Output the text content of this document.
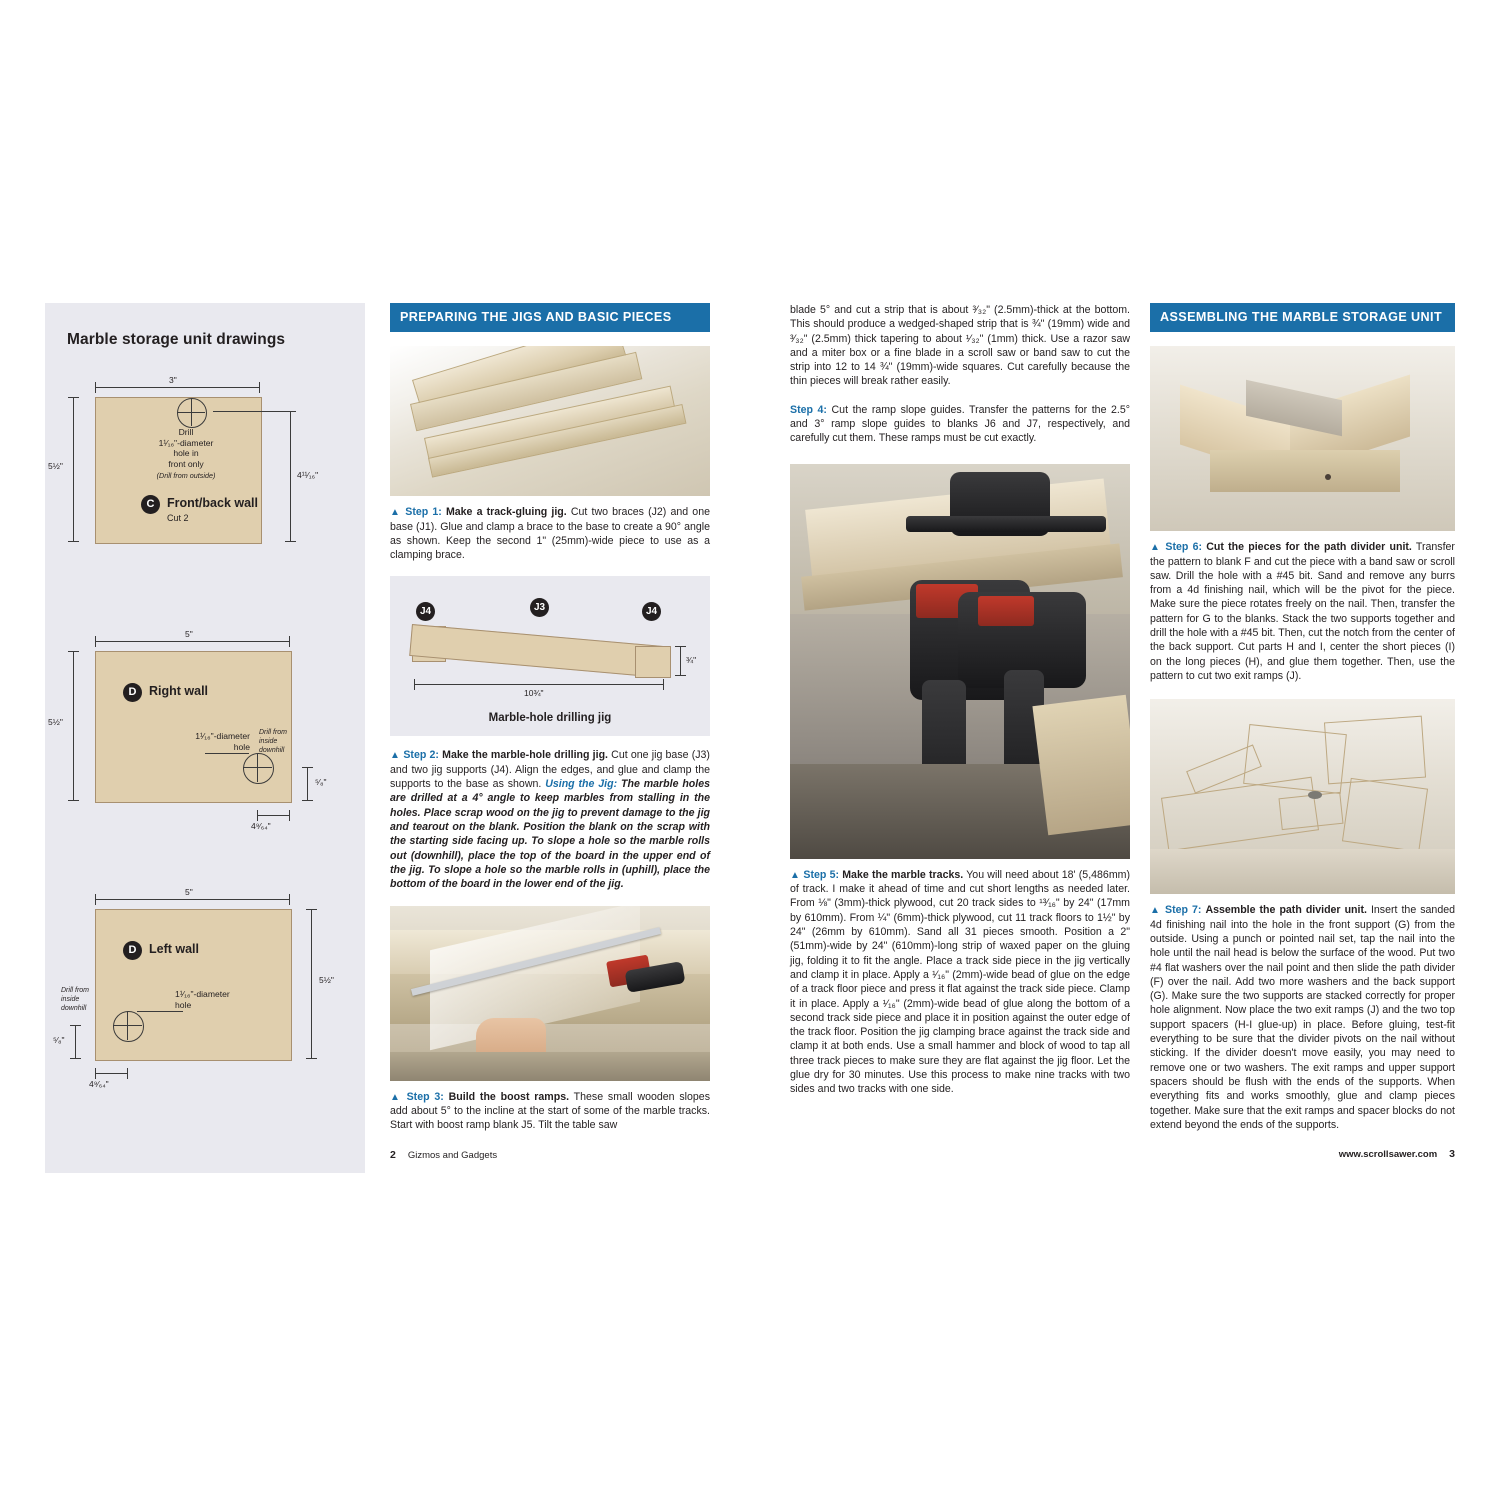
Marble storage unit drawings
3"
5½"
4¹¹⁄₁₆"
Drill
1¹⁄₁₆"-diameter
hole in
front only
(Drill from outside)
C	Front/back wall
Cut 2
5"
5½"
D	Right wall
1¹⁄₁₆"-diameter
hole
Drill from
inside
downhill
⁵⁄₈"
4⁹⁄₆₄"
5"
5½"
D	Left wall
1¹⁄₁₆"-diameter
hole
Drill from
inside
downhill
⁵⁄₈"
4⁹⁄₆₄"
PREPARING THE JIGS AND BASIC PIECES
▲ Step 1: Make a track-gluing jig. Cut two braces (J2) and one base (J1). Glue and clamp a brace to the base to create a 90° angle as shown. Keep the second 1" (25mm)-wide piece to use as a clamping brace.
J4	J3	J4
10¾"
¾"
Marble-hole drilling jig
▲ Step 2: Make the marble-hole drilling jig. Cut one jig base (J3) and two jig supports (J4). Align the edges, and glue and clamp the supports to the base as shown. Using the Jig: The marble holes are drilled at a 4° angle to keep marbles from stalling in the holes. Place scrap wood on the jig to prevent damage to the jig and tearout on the blank. Position the blank on the scrap with the starting side facing up. To slope a hole so the marble rolls out (downhill), place the top of the board in the upper end of the jig. To slope a hole so the marble rolls in (uphill), place the bottom of the board in the lower end of the jig.
▲ Step 3: Build the boost ramps. These small wooden slopes add about 5° to the incline at the start of some of the marble tracks. Start with boost ramp blank J5. Tilt the table saw
2 Gizmos and Gadgets
blade 5° and cut a strip that is about ³⁄₃₂" (2.5mm)-thick at the bottom. This should produce a wedged-shaped strip that is ¾" (19mm) wide and ³⁄₃₂" (2.5mm) thick tapering to about ¹⁄₃₂" (1mm) thick. Use a razor saw and a miter box or a fine blade in a scroll saw or band saw to cut the strip into 12 to 14 ¾" (19mm)-wide squares. Cut carefully because the thin pieces will break rather easily.
Step 4: Cut the ramp slope guides. Transfer the patterns for the 2.5° and 3° ramp slope guides to blanks J6 and J7, respectively, and carefully cut them. These ramps must be cut exactly.
▲ Step 5: Make the marble tracks. You will need about 18' (5,486mm) of track. I make it ahead of time and cut short lengths as needed later. From ⅛" (3mm)-thick plywood, cut 20 track sides to ¹³⁄₁₆" by 24" (17mm by 610mm). From ¼" (6mm)-thick plywood, cut 11 track floors to 1½" by 24" (26mm by 610mm). Sand all 31 pieces smooth. Position a 2" (51mm)-wide by 24" (610mm)-long strip of waxed paper on the gluing jig, folding it to fit the angle. Place a track side piece in the jig vertically and clamp it in place. Apply a ¹⁄₁₆" (2mm)-wide bead of glue on the edge of a track floor piece and press it flat against the track side piece. Clamp it in place. Apply a ¹⁄₁₆" (2mm)-wide bead of glue along the bottom of a second track side piece and place it in position against the outer edge of the track floor. Position the jig clamping brace against the track side and clamp it at both ends. Use a small hammer and block of wood to tap all three track pieces to make sure they are flat against the jig floor. Let the glue dry for 30 minutes. Use this process to make nine tracks with two sides and two tracks with one side.
ASSEMBLING THE MARBLE STORAGE UNIT
▲ Step 6: Cut the pieces for the path divider unit. Transfer the pattern to blank F and cut the piece with a band saw or scroll saw. Drill the hole with a #45 bit. Sand and remove any burrs from a 4d finishing nail, which will be the pivot for the piece. Make sure the piece rotates freely on the nail. Then, transfer the pattern for G to the blanks. Stack the two supports together and drill the hole with a #45 bit. Then, cut the notch from the center of the back support. Cut parts H and I, center the short pieces (I) on the long pieces (H), and glue them together. Then, use the pattern to cut two exit ramps (J).
▲ Step 7: Assemble the path divider unit. Insert the sanded 4d finishing nail into the hole in the front support (G) from the outside. Using a punch or pointed nail set, tap the nail into the hole until the nail head is below the surface of the wood. Put two #4 flat washers over the nail point and then slide the path divider (F) over the nail. Add two more washers and the back support (G). Make sure the two supports are stacked correctly for proper hole alignment. Now place the two exit ramps (J) and the two top support spacers (H-I glue-up) in place. Before gluing, test-fit everything to be sure that the divider pivots on the nail without sticking. If the divider doesn't move easily, you may need to remove one or two washers. The exit ramps and upper support spacers should be flush with the ends of the supports. When everything fits and works smoothly, glue and clamp pieces together. Make sure that the exit ramps and spacer blocks do not extend beyond the ends of the supports.
www.scrollsawer.com 3
